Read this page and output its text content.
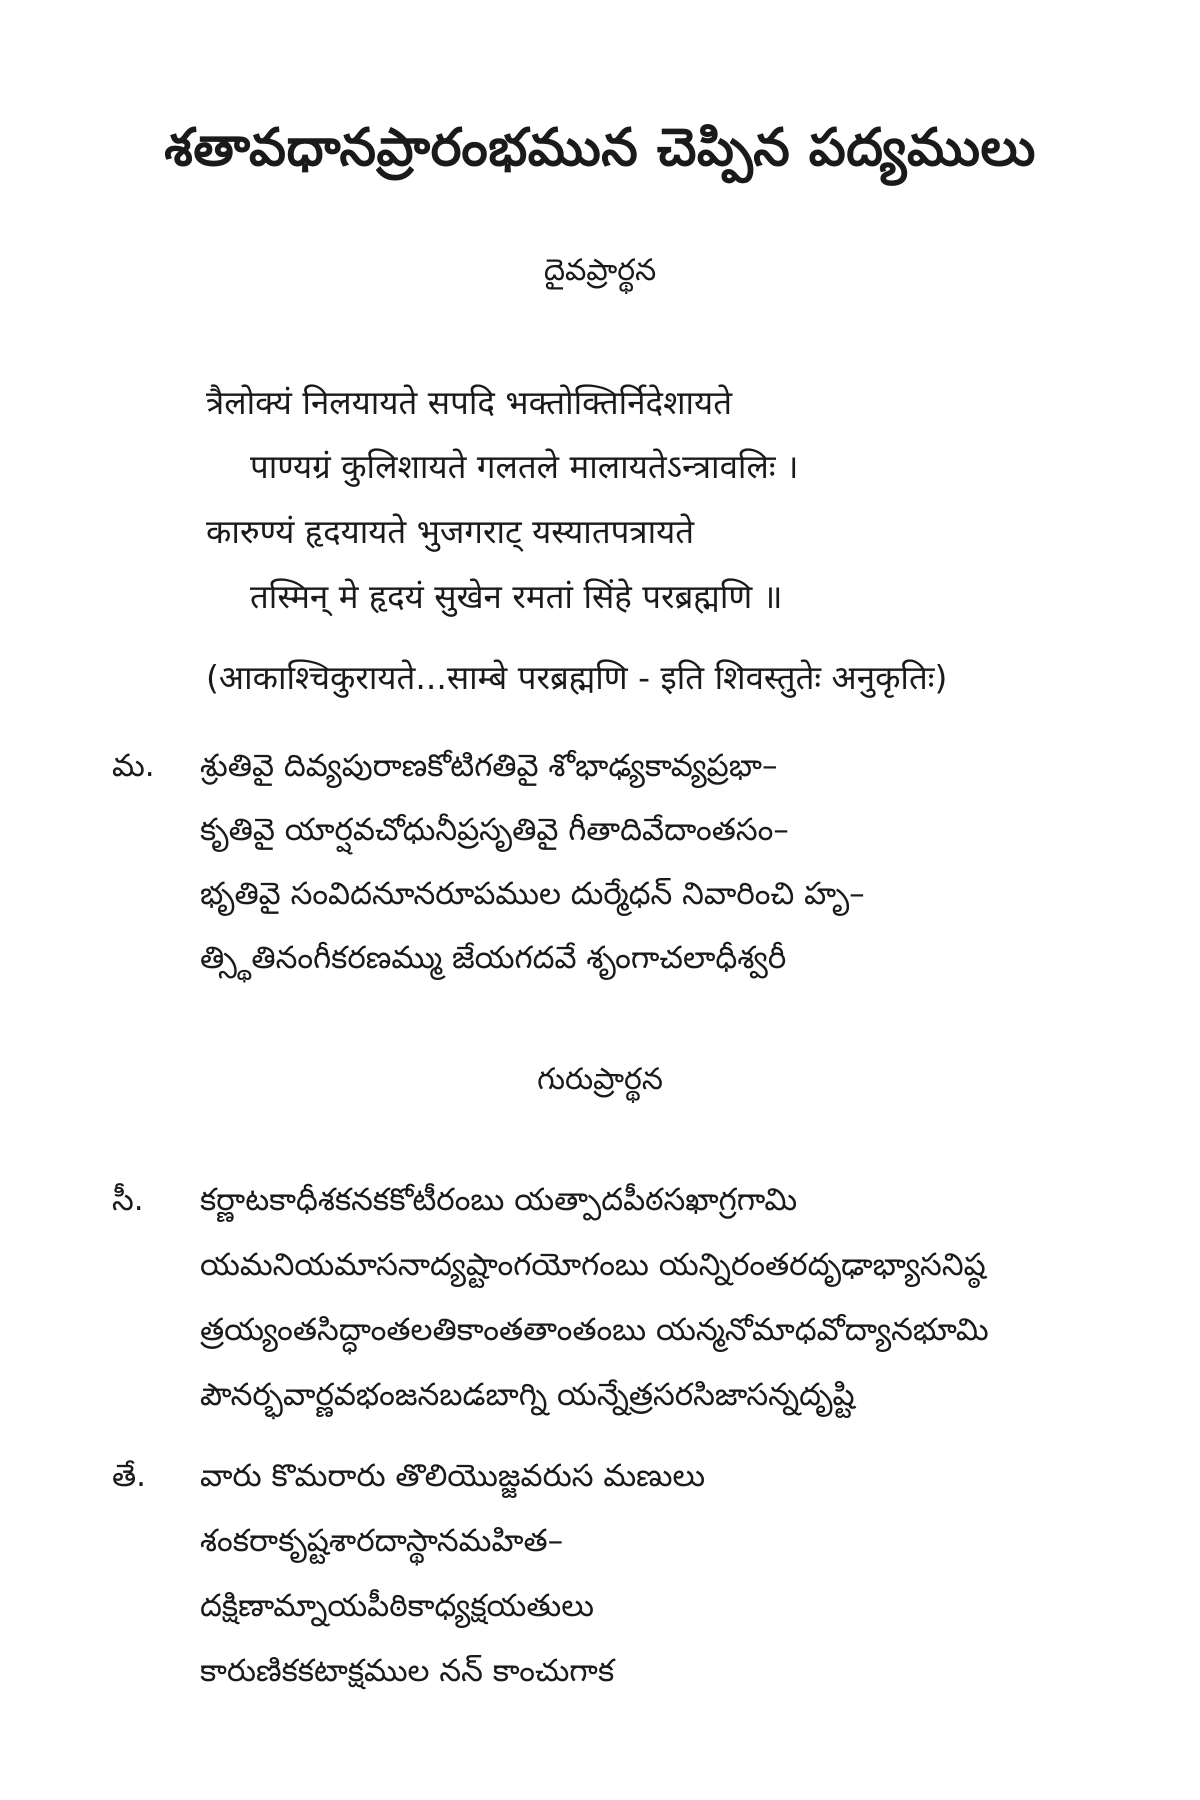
శతావధానప్రారంభమున చెప్పిన పద్యములు
దైవప్రార్థన
त्रैलोक्यं निलयायते सपदि भक्तोक्तिर्निदेशायते
पाण्यग्रं कुलिशायते गलतले मालायतेऽन्त्रावलिः ।
कारुण्यं हृदयायते भुजगराट् यस्यातपत्रायते
तस्मिन् मे हृदयं सुखेन रमतां सिंहे परब्रह्मणि ॥
(आकाश्चिकुरायते...साम्बे परब्रह्मणि - इति शिवस्तुतेः अनुकृतिः)
మ. శ్రుతివై దివ్యపురాణకోటిగతివై శోభాఢ్యకావ్యప్రభా–
కృతివై యార్షవచోధునీప్రసృతివై గీతాదివేదాంతసం–
భృతివై సంవిదనూనరూపముల దుర్మేధన్ నివారించి హృ–
త్స్థితినంగీకరణమ్ము జేయగదవే శృంగాచలాధీశ్వరీ
గురుప్రార్థన
సీ. కర్ణాటకాధీశకనకకోటీరంబు యత్పాదపీఠసఖాగ్రగామి
యమనియమాసనాద్యష్టాంగయోగంబు యన్నిరంతరదృఢాభ్యాసనిష్ఠ
త్రయ్యంతసిద్ధాంతలతికాంతతాంతంబు యన్మనోమాధవోద్యానభూమి
పౌనర్భవార్ణవభంజనబడబాగ్ని యన్నేత్రసరసిజాసన్నదృష్టి
తే. వారు కొమరారు తొలియొజ్జవరుస మణులు
శంకరాకృష్టశారదాస్థానమహిత–
దక్షిణామ్నాయపీఠికాధ్యక్షయతులు
కారుణికకటాక్షముల నన్ కాంచుగాక
